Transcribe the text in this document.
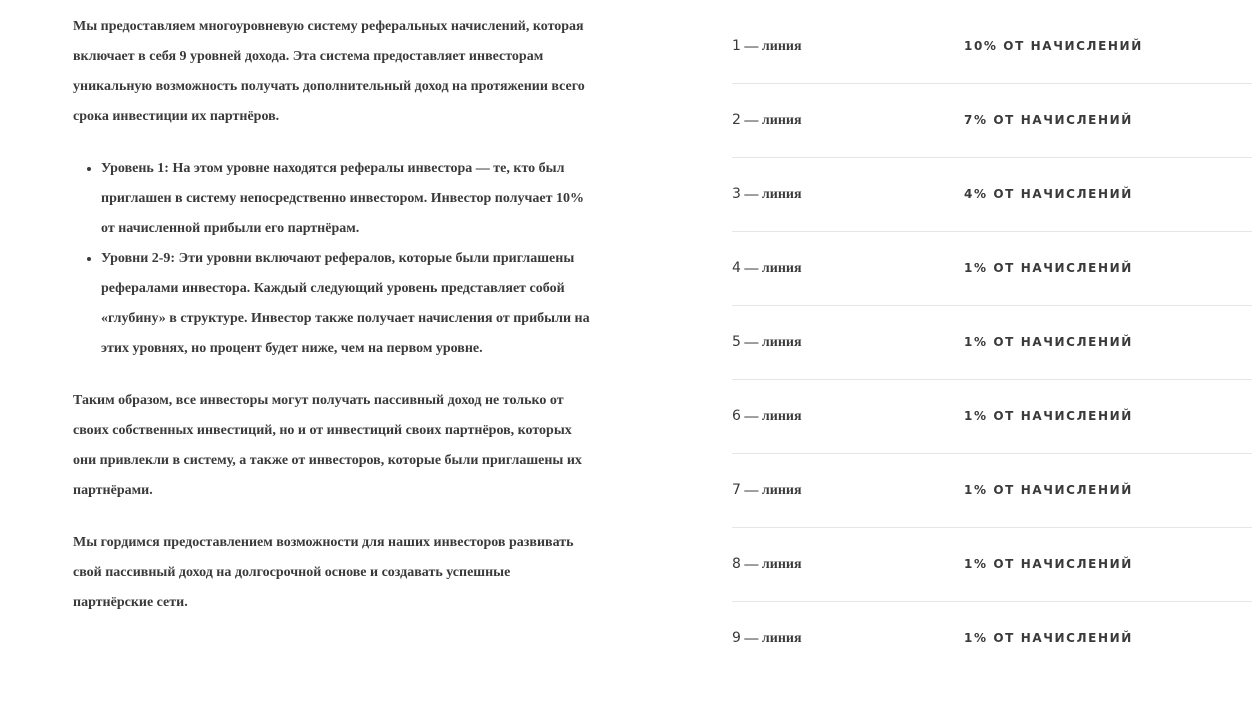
Мы предоставляем многоуровневую систему реферальных начислений, которая включает в себя 9 уровней дохода. Эта система предоставляет инвесторам уникальную возможность получать дополнительный доход на протяжении всего срока инвестиции их партнёров.

• Уровень 1: На этом уровне находятся рефералы инвестора — те, кто был приглашен в систему непосредственно инвестором. Инвестор получает 10% от начисленной прибыли его партнёрам.
• Уровни 2-9: Эти уровни включают рефералов, которые были приглашены рефералами инвестора. Каждый следующий уровень представляет собой «глубину» в структуре. Инвестор также получает начисления от прибыли на этих уровнях, но процент будет ниже, чем на первом уровне.

Таким образом, все инвесторы могут получать пассивный доход не только от своих собственных инвестиций, но и от инвестиций своих партнёров, которых они привлекли в систему, а также от инвесторов, которые были приглашены их партнёрами.

Мы гордимся предоставлением возможности для наших инвесторов развивать свой пассивный доход на долгосрочной основе и создавать успешные партнёрские сети.

1 — линия	10% ОТ НАЧИСЛЕНИЙ
2 — линия	7% ОТ НАЧИСЛЕНИЙ
3 — линия	4% ОТ НАЧИСЛЕНИЙ
4 — линия	1% ОТ НАЧИСЛЕНИЙ
5 — линия	1% ОТ НАЧИСЛЕНИЙ
6 — линия	1% ОТ НАЧИСЛЕНИЙ
7 — линия	1% ОТ НАЧИСЛЕНИЙ
8 — линия	1% ОТ НАЧИСЛЕНИЙ
9 — линия	1% ОТ НАЧИСЛЕНИЙ
